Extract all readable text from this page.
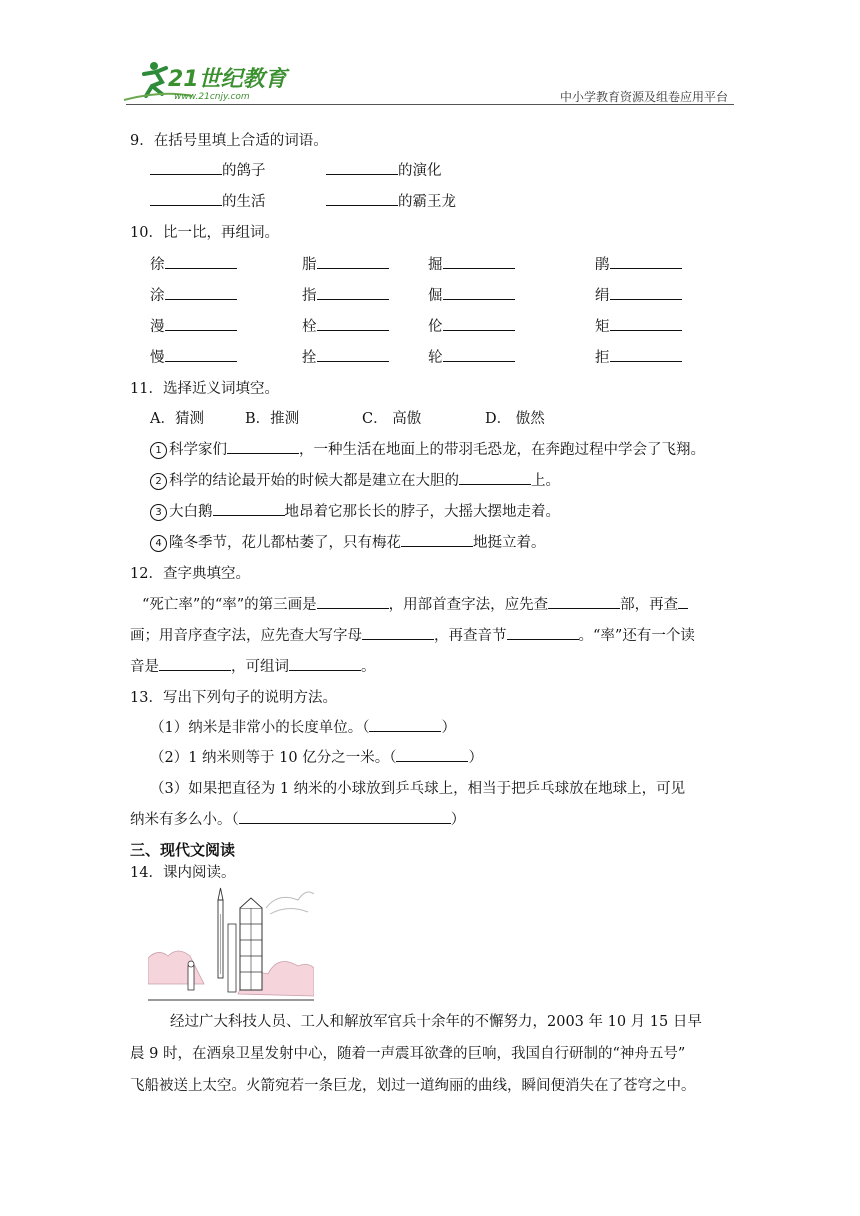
21世纪教育
www.21cnjy.com	中小学教育资源及组卷应用平台
9．在括号里填上合适的词语。
的鸽子	的演化
的生活	的霸王龙
10．比一比，再组词。
徐	脂	掘	鹃
涂	指	倔	绢
漫	栓	伦	矩
慢	拴	轮	拒
11．选择近义词填空。
A．猜测	B．推测	C． 高傲	D． 傲然
1 科学家们	，一种生活在地面上的带羽毛恐龙，在奔跑过程中学会了飞翔。
2 科学的结论最开始的时候大都是建立在大胆的	上。
3 大白鹅	地昂着它那长长的脖子，大摇大摆地走着。
4 隆冬季节，花儿都枯萎了，只有梅花	地挺立着。
12．查字典填空。
“死亡率”的“率”的第三画是	，用部首查字法，应先查	部，再查
画；用音序查字法，应先查大写字母	，再查音节	。“率”还有一个读
音是	，可组词	。
13．写出下列句子的说明方法。
（1）纳米是非常小的长度单位。（	）
（2）1 纳米则等于 10 亿分之一米。（	）
（3）如果把直径为 1 纳米的小球放到乒乓球上，相当于把乒乓球放在地球上，可见
纳米有多么小。（	）
三、现代文阅读
14．课内阅读。
经过广大科技人员、工人和解放军官兵十余年的不懈努力，2003 年 10 月 15 日早
晨 9 时，在酒泉卫星发射中心，随着一声震耳欲聋的巨响，我国自行研制的“神舟五号”
飞船被送上太空。火箭宛若一条巨龙，划过一道绚丽的曲线，瞬间便消失在了苍穹之中。
